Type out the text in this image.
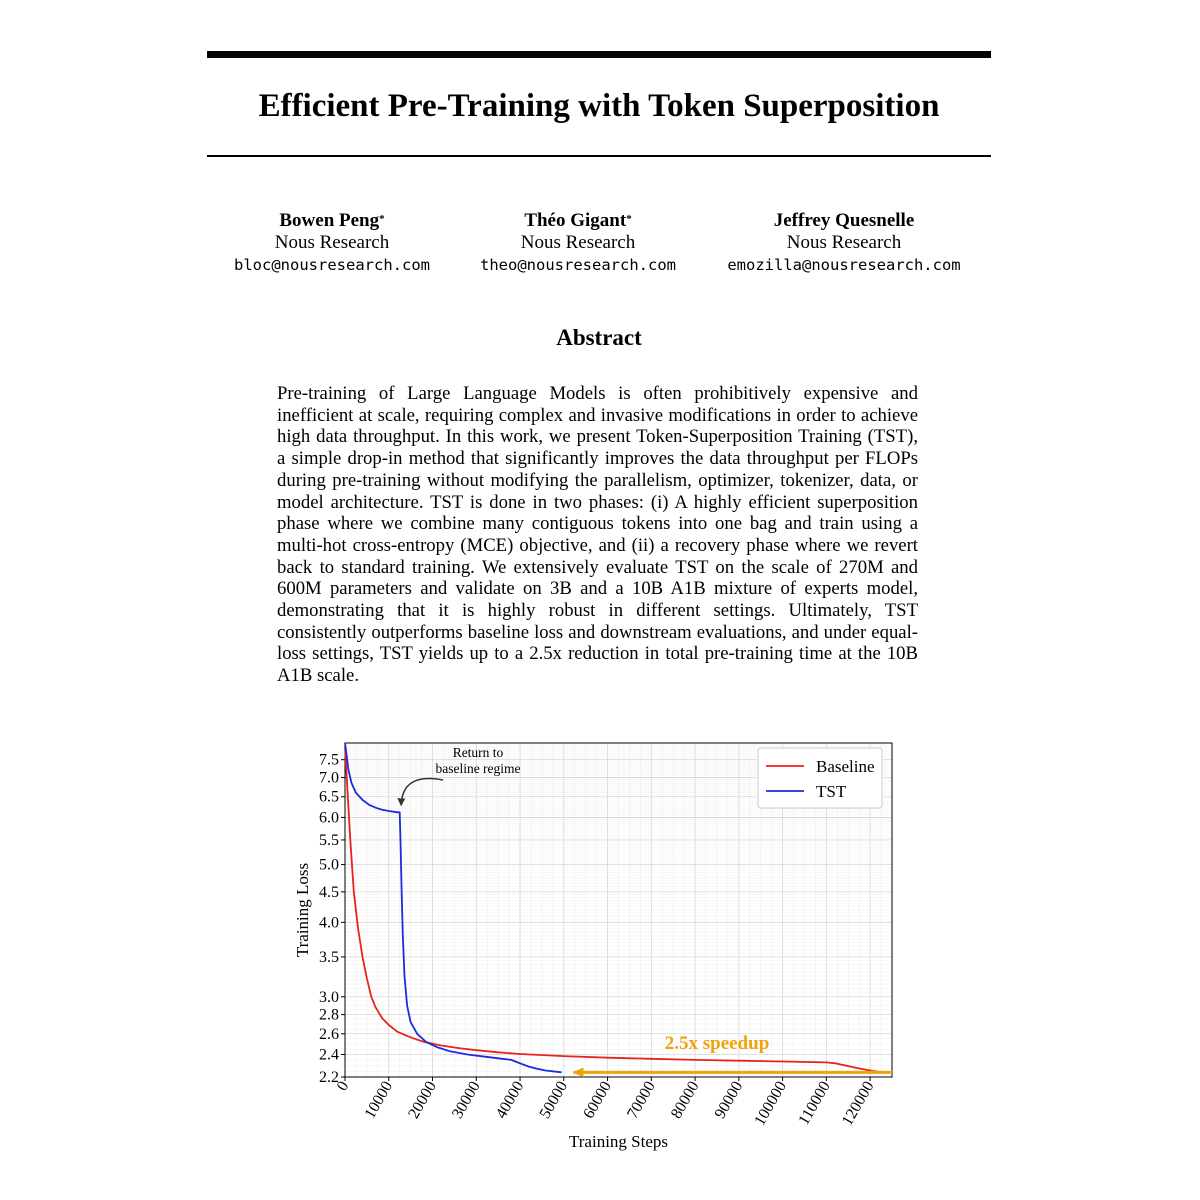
Efficient Pre-Training with Token Superposition
Bowen Peng*
Nous Research
bloc@nousresearch.com
Théo Gigant*
Nous Research
theo@nousresearch.com
Jeffrey Quesnelle
Nous Research
emozilla@nousresearch.com
Abstract
Pre-training of Large Language Models is often prohibitively expensive and inefficient at scale, requiring complex and invasive modifications in order to achieve high data throughput. In this work, we present Token-Superposition Training (TST), a simple drop-in method that significantly improves the data throughput per FLOPs during pre-training without modifying the parallelism, optimizer, tokenizer, data, or model architecture. TST is done in two phases: (i) A highly efficient superposition phase where we combine many contiguous tokens into one bag and train using a multi-hot cross-entropy (MCE) objective, and (ii) a recovery phase where we revert back to standard training. We extensively evaluate TST on the scale of 270M and 600M parameters and validate on 3B and a 10B A1B mixture of experts model, demonstrating that it is highly robust in different settings. Ultimately, TST consistently outperforms baseline loss and downstream evaluations, and under equal-loss settings, TST yields up to a 2.5x reduction in total pre-training time at the 10B A1B scale.
2.2
2.4
2.6
2.8
3.0
3.5
4.0
4.5
5.0
5.5
6.0
6.5
7.0
7.5
0 10000 20000 30000 40000 50000 60000 70000 80000 90000 100000 110000 120000
Training Steps
Training Loss
Return to baseline regime
2.5x speedup
Baseline
TST
